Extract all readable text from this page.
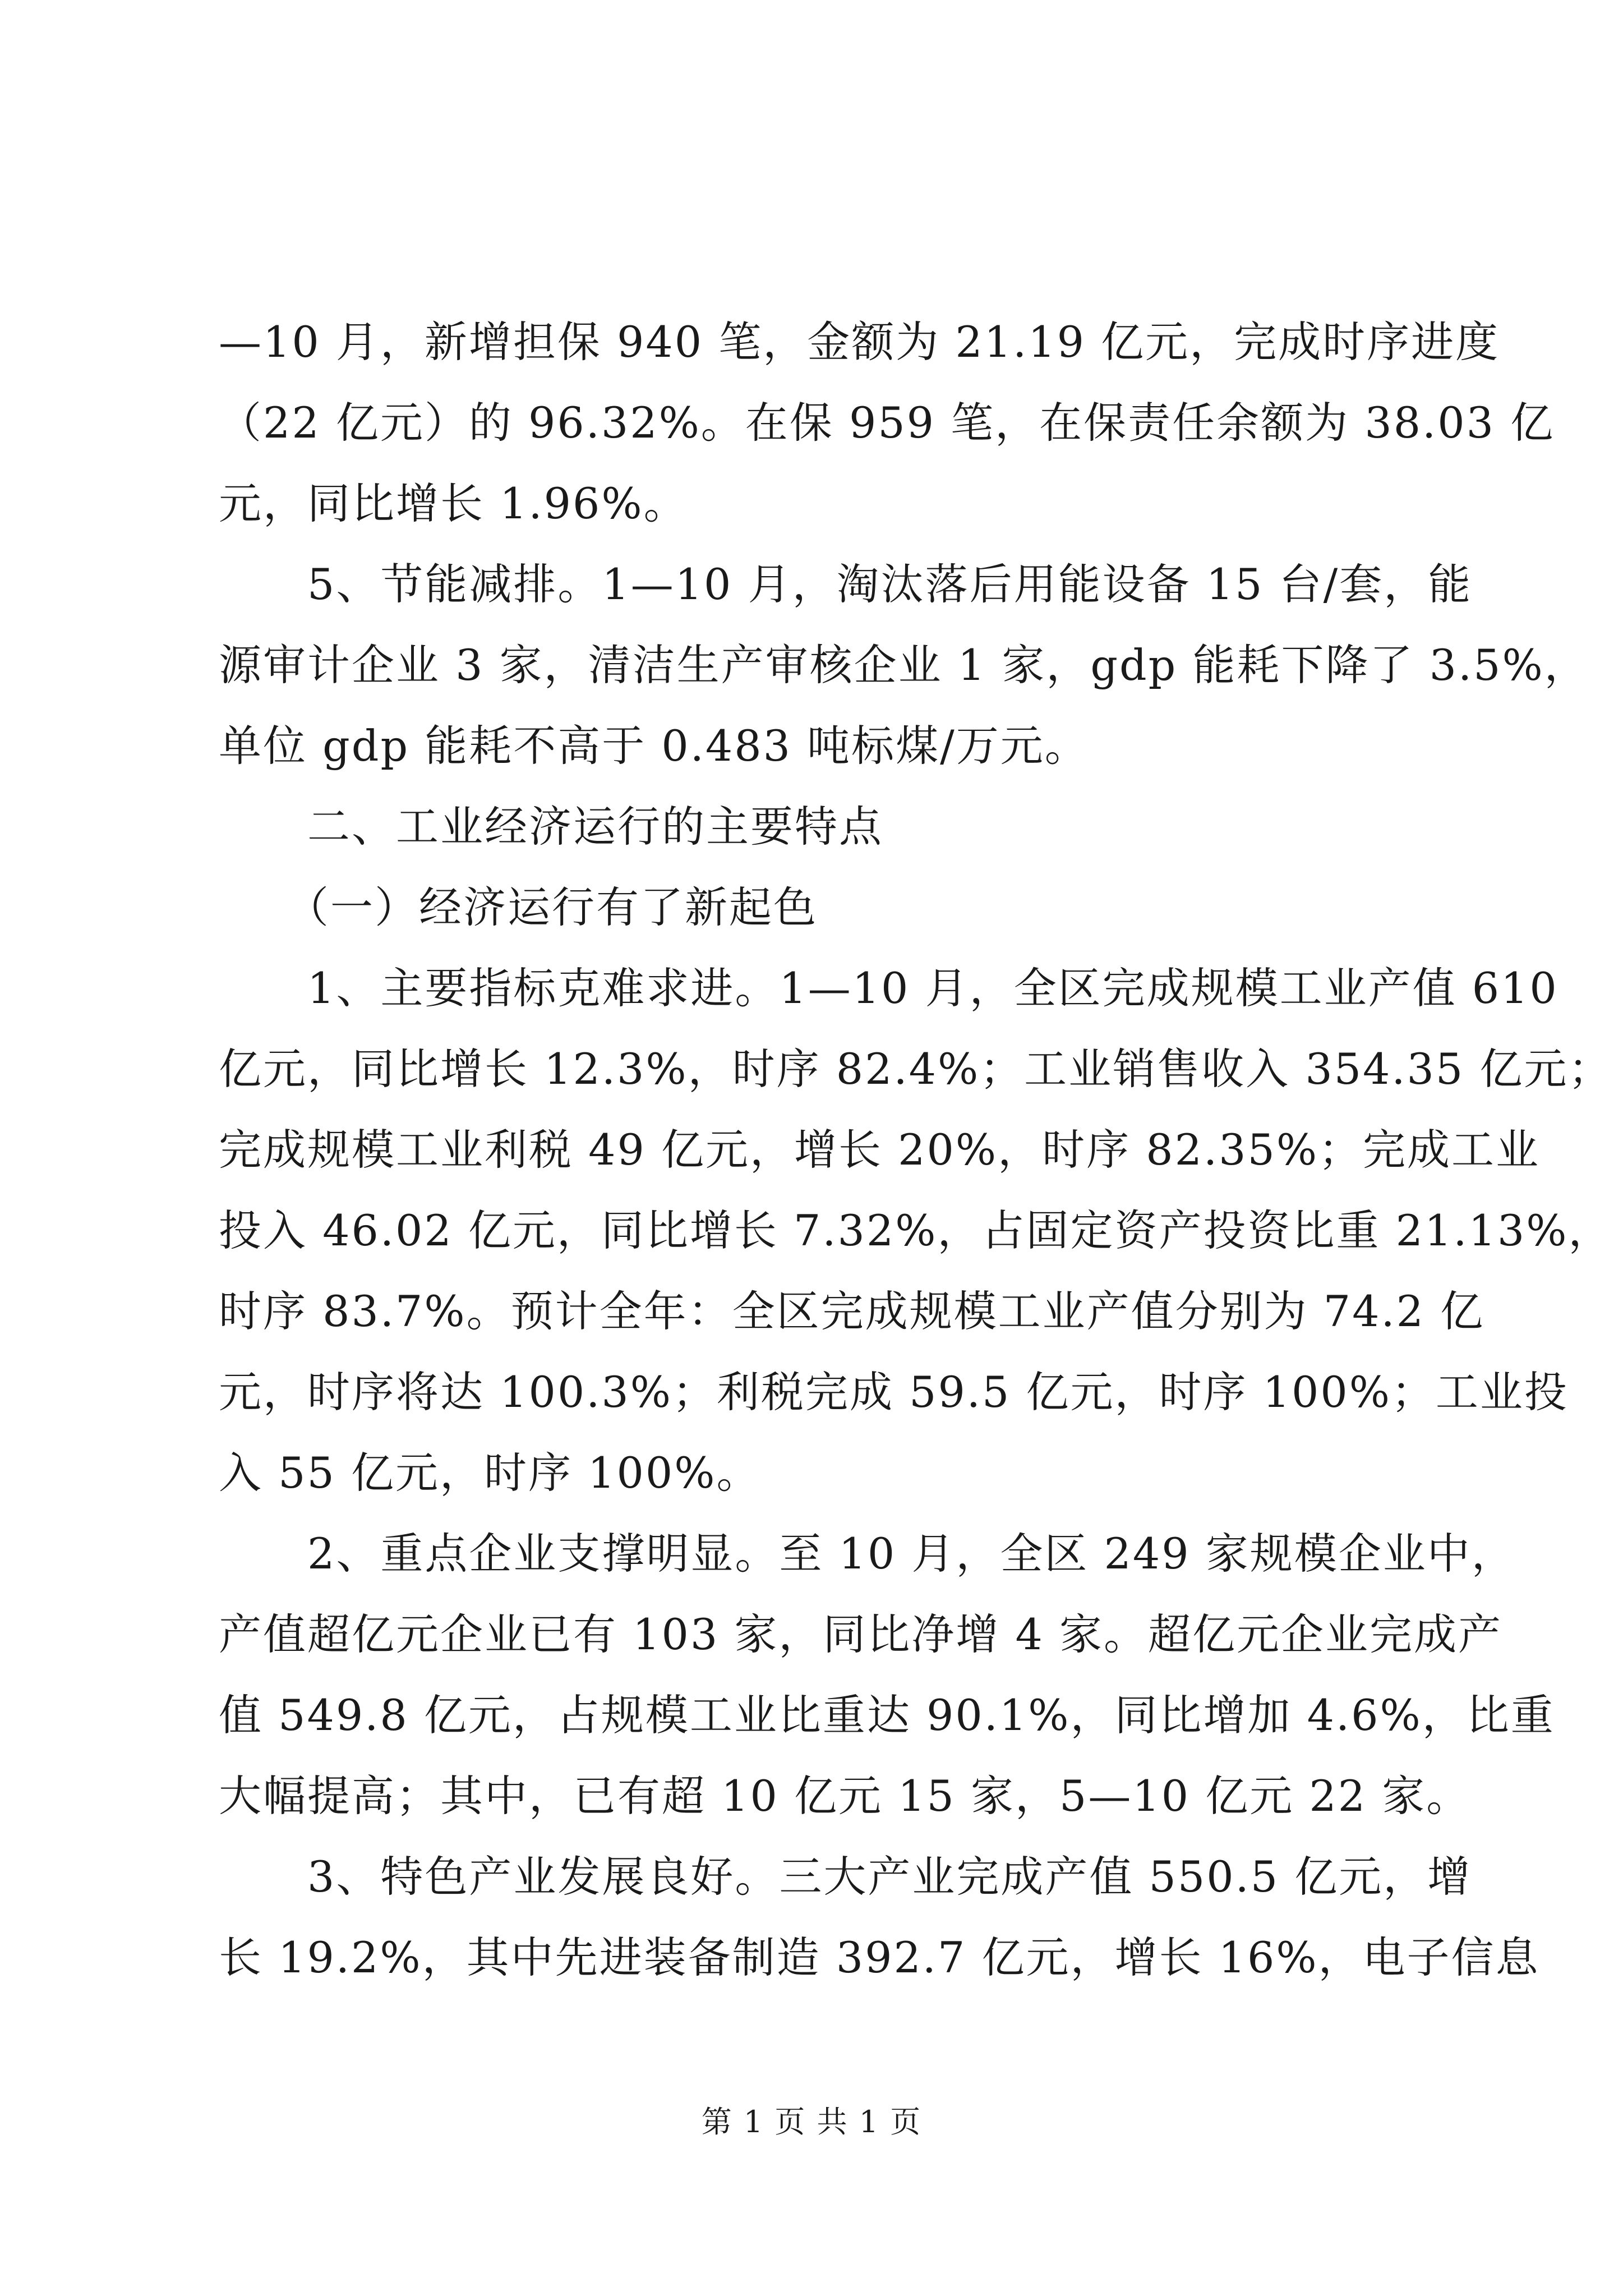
—10 月，新增担保 940 笔，金额为 21.19 亿元，完成时序进度
（22 亿元）的 96.32%。在保 959 笔，在保责任余额为 38.03 亿
元，同比增长 1.96%。
　　5、节能减排。1—10 月，淘汰落后用能设备 15 台/套，能
源审计企业 3 家，清洁生产审核企业 1 家，gdp 能耗下降了 3.5%，
单位 gdp 能耗不高于 0.483 吨标煤/万元。
　　二、工业经济运行的主要特点
　　（一）经济运行有了新起色
　　1、主要指标克难求进。1—10 月，全区完成规模工业产值 610
亿元，同比增长 12.3%，时序 82.4%；工业销售收入 354.35 亿元；
完成规模工业利税 49 亿元，增长 20%，时序 82.35%；完成工业
投入 46.02 亿元，同比增长 7.32%，占固定资产投资比重 21.13%，
时序 83.7%。预计全年：全区完成规模工业产值分别为 74.2 亿
元，时序将达 100.3%；利税完成 59.5 亿元，时序 100%；工业投
入 55 亿元，时序 100%。
　　2、重点企业支撑明显。至 10 月，全区 249 家规模企业中，
产值超亿元企业已有 103 家，同比净增 4 家。超亿元企业完成产
值 549.8 亿元，占规模工业比重达 90.1%，同比增加 4.6%，比重
大幅提高；其中，已有超 10 亿元 15 家，5—10 亿元 22 家。
　　3、特色产业发展良好。三大产业完成产值 550.5 亿元，增
长 19.2%，其中先进装备制造 392.7 亿元，增长 16%，电子信息
第 1 页 共 1 页
